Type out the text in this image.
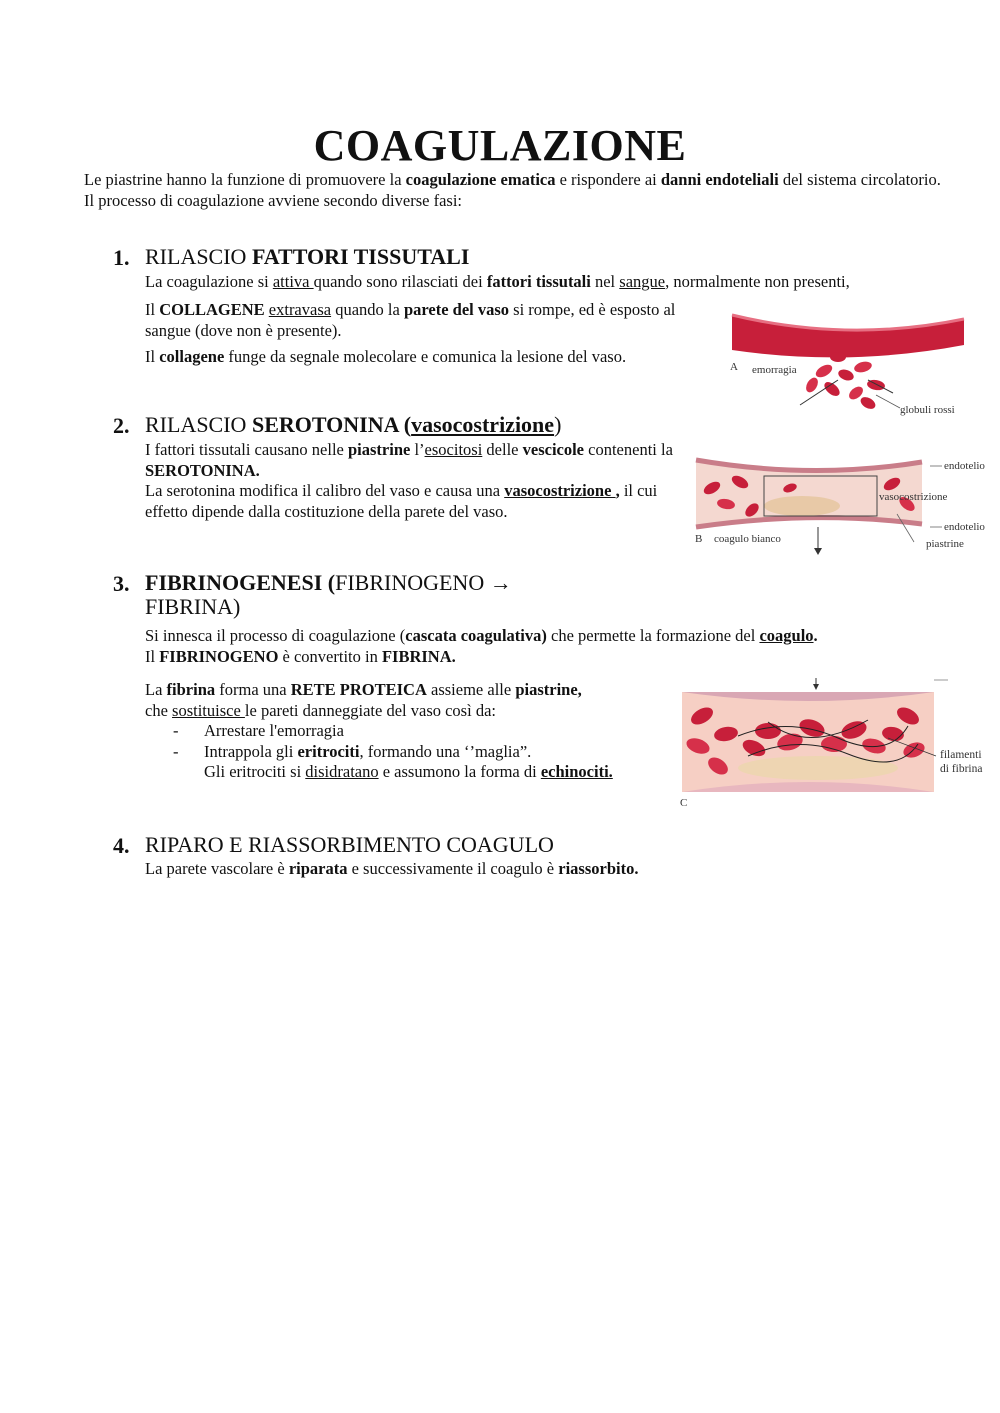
COAGULAZIONE

Le piastrine hanno la funzione di promuovere la coagulazione ematica e rispondere ai danni endoteliali del sistema circolatorio.

Il processo di coagulazione avviene secondo diverse fasi:

1. RILASCIO FATTORI TISSUTALI

La coagulazione si attiva quando sono rilasciati dei fattori tissutali nel sangue, normalmente non presenti,

Il COLLAGENE extravasa quando la parete del vaso si rompe, ed è esposto al sangue (dove non è presente).

Il collagene funge da segnale molecolare e comunica la lesione del vaso.

A emorragia
globuli rossi
2. RILASCIO SEROTONINA (vasocostrizione)

I fattori tissutali causano nelle piastrine l’esocitosi delle vescicole contenenti la SEROTONINA.

La serotonina modifica il calibro del vaso e causa una vasocostrizione , il cui effetto dipende dalla costituzione della parete del vaso.

B coagulo bianco
endotelio
vasocostrizione
endotelio
piastrine
3. FIBRINOGENESI (FIBRINOGENO →
FIBRINA)

Si innesca il processo di coagulazione (cascata coagulativa) che permette la formazione del coagulo.

Il FIBRINOGENO è convertito in FIBRINA.

La fibrina forma una RETE PROTEICA assieme alle piastrine,

che sostituisce le pareti danneggiate del vaso così da:

-	Arrestare l'emorragia
-	Intrappola gli eritrociti, formando una ‘’maglia”.
Gli eritrociti si disidratano e assumono la forma di echinociti.
C
filamenti
di fibrina
4. RIPARO E RIASSORBIMENTO COAGULO

La parete vascolare è riparata e successivamente il coagulo è riassorbito.
